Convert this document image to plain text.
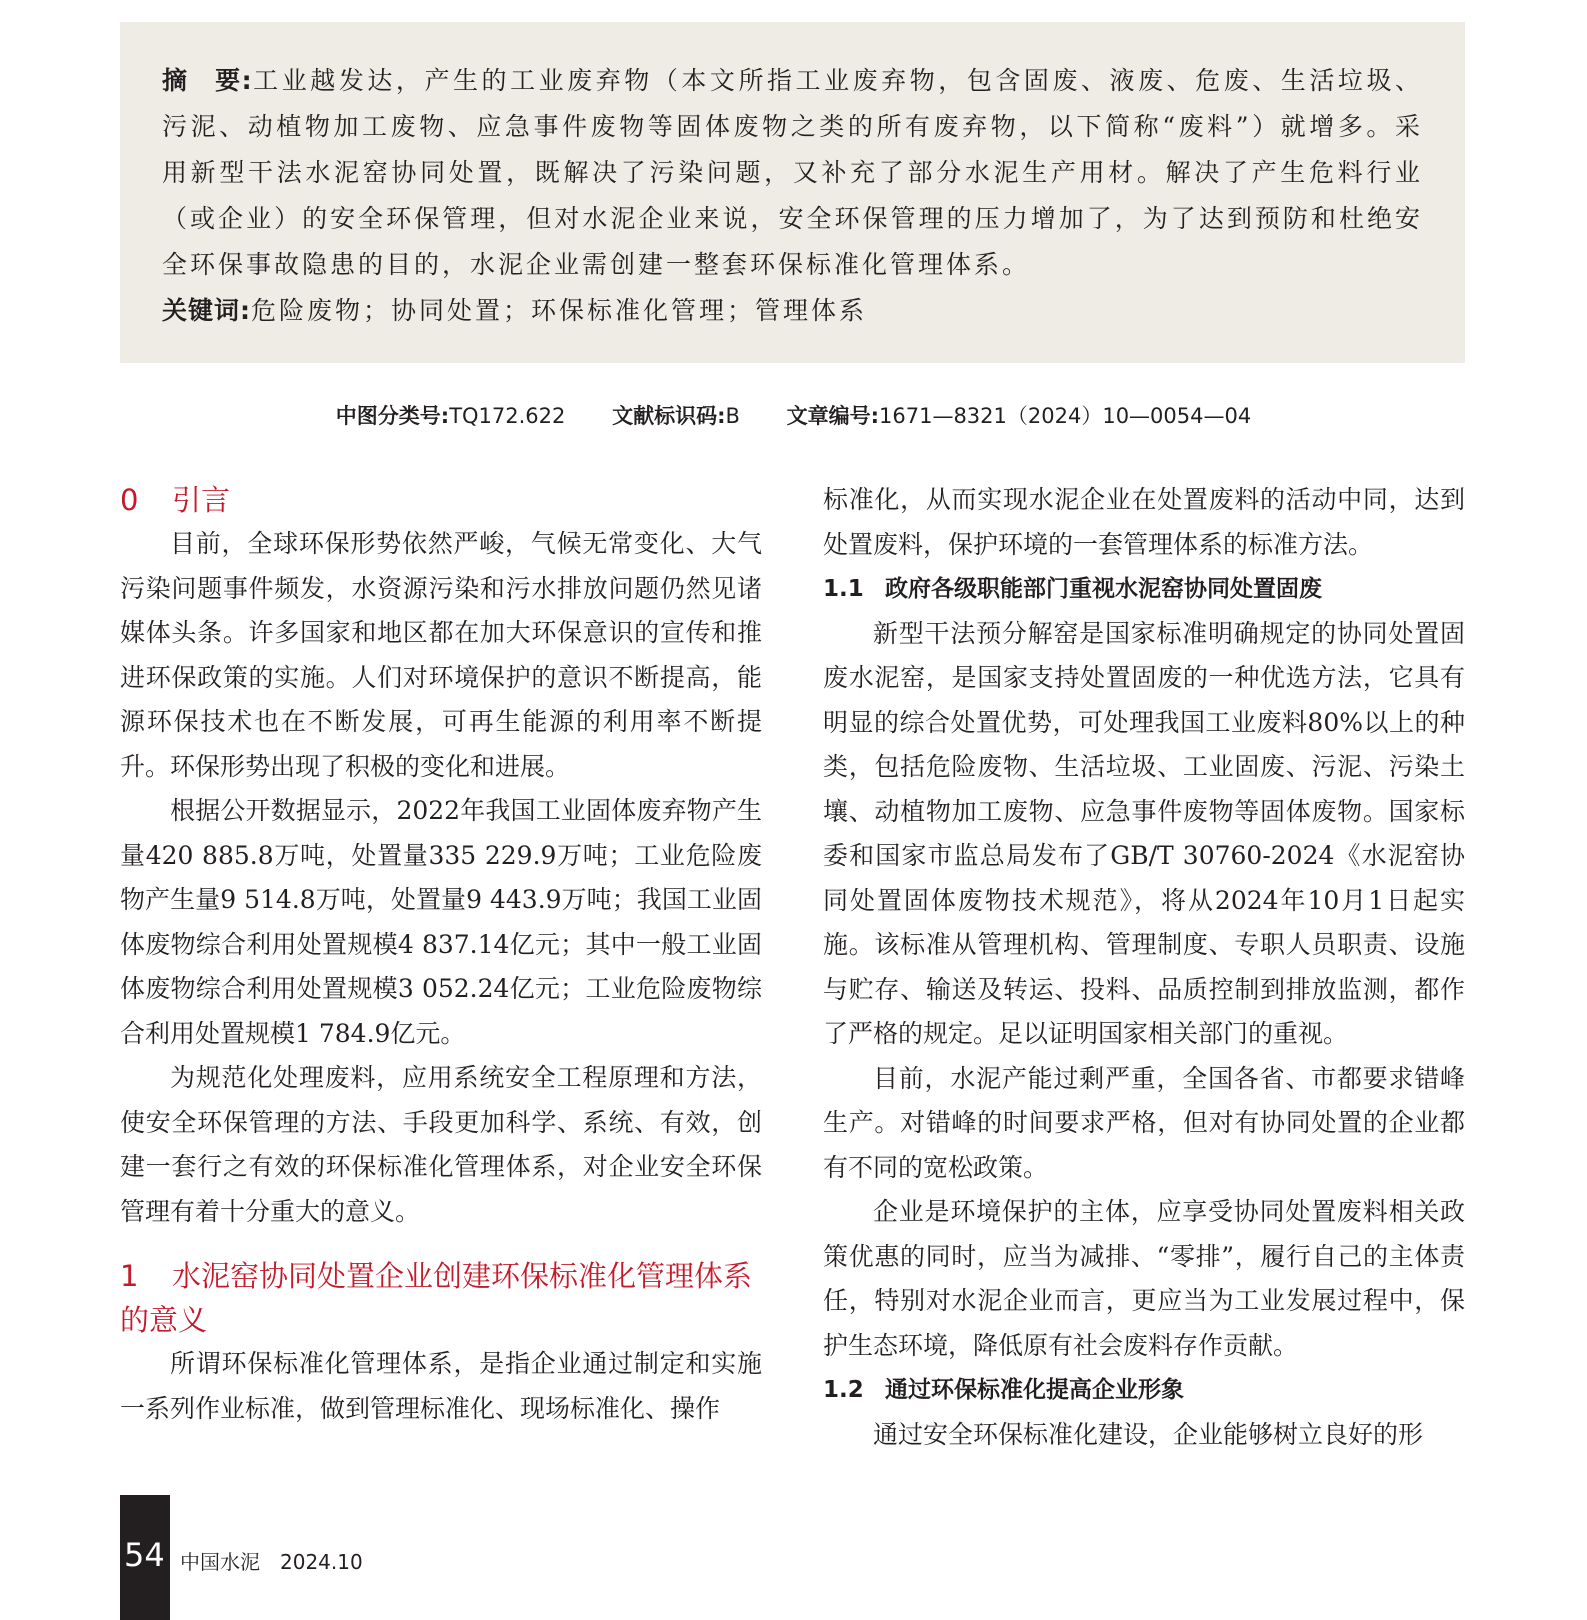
摘　要:工业越发达，产生的工业废弃物（本文所指工业废弃物，包含固废、液废、危废、生活垃圾、污泥、动植物加工废物、应急事件废物等固体废物之类的所有废弃物，以下简称“废料”）就增多。采用新型干法水泥窑协同处置，既解决了污染问题，又补充了部分水泥生产用材。解决了产生危料行业（或企业）的安全环保管理，但对水泥企业来说，安全环保管理的压力增加了，为了达到预防和杜绝安全环保事故隐患的目的，水泥企业需创建一整套环保标准化管理体系。

关键词:危险废物；协同处置；环保标准化管理；管理体系

中图分类号:TQ172.622 文献标识码:B 文章编号:1671—8321（2024）10—0054—04
0 引言

目前，全球环保形势依然严峻，气候无常变化、大气污染问题事件频发，水资源污染和污水排放问题仍然见诸媒体头条。许多国家和地区都在加大环保意识的宣传和推进环保政策的实施。人们对环境保护的意识不断提高，能源环保技术也在不断发展，可再生能源的利用率不断提升。环保形势出现了积极的变化和进展。

根据公开数据显示，2022年我国工业固体废弃物产生量420 885.8万吨，处置量335 229.9万吨；工业危险废物产生量9 514.8万吨，处置量9 443.9万吨；我国工业固体废物综合利用处置规模4 837.14亿元；其中一般工业固体废物综合利用处置规模3 052.24亿元；工业危险废物综合利用处置规模1 784.9亿元。

为规范化处理废料，应用系统安全工程原理和方法，使安全环保管理的方法、手段更加科学、系统、有效，创建一套行之有效的环保标准化管理体系，对企业安全环保管理有着十分重大的意义。

1 水泥窑协同处置企业创建环保标准化管理体系的意义

所谓环保标准化管理体系，是指企业通过制定和实施一系列作业标准，做到管理标准化、现场标准化、操作

标准化，从而实现水泥企业在处置废料的活动中同，达到处置废料，保护环境的一套管理体系的标准方法。

1.1 政府各级职能部门重视水泥窑协同处置固废

新型干法预分解窑是国家标准明确规定的协同处置固废水泥窑，是国家支持处置固废的一种优选方法，它具有明显的综合处置优势，可处理我国工业废料80%以上的种类，包括危险废物、生活垃圾、工业固废、污泥、污染土壤、动植物加工废物、应急事件废物等固体废物。国家标委和国家市监总局发布了GB/T 30760-2024《水泥窑协同处置固体废物技术规范》，将从2024年10月1日起实施。该标准从管理机构、管理制度、专职人员职责、设施与贮存、输送及转运、投料、品质控制到排放监测，都作了严格的规定。足以证明国家相关部门的重视。

目前，水泥产能过剩严重，全国各省、市都要求错峰生产。对错峰的时间要求严格，但对有协同处置的企业都有不同的宽松政策。

企业是环境保护的主体，应享受协同处置废料相关政策优惠的同时，应当为减排、“零排”，履行自己的主体责任，特别对水泥企业而言，更应当为工业发展过程中，保护生态环境，降低原有社会废料存作贡献。

1.2 通过环保标准化提高企业形象

通过安全环保标准化建设，企业能够树立良好的形

54 中国水泥　2024.10
